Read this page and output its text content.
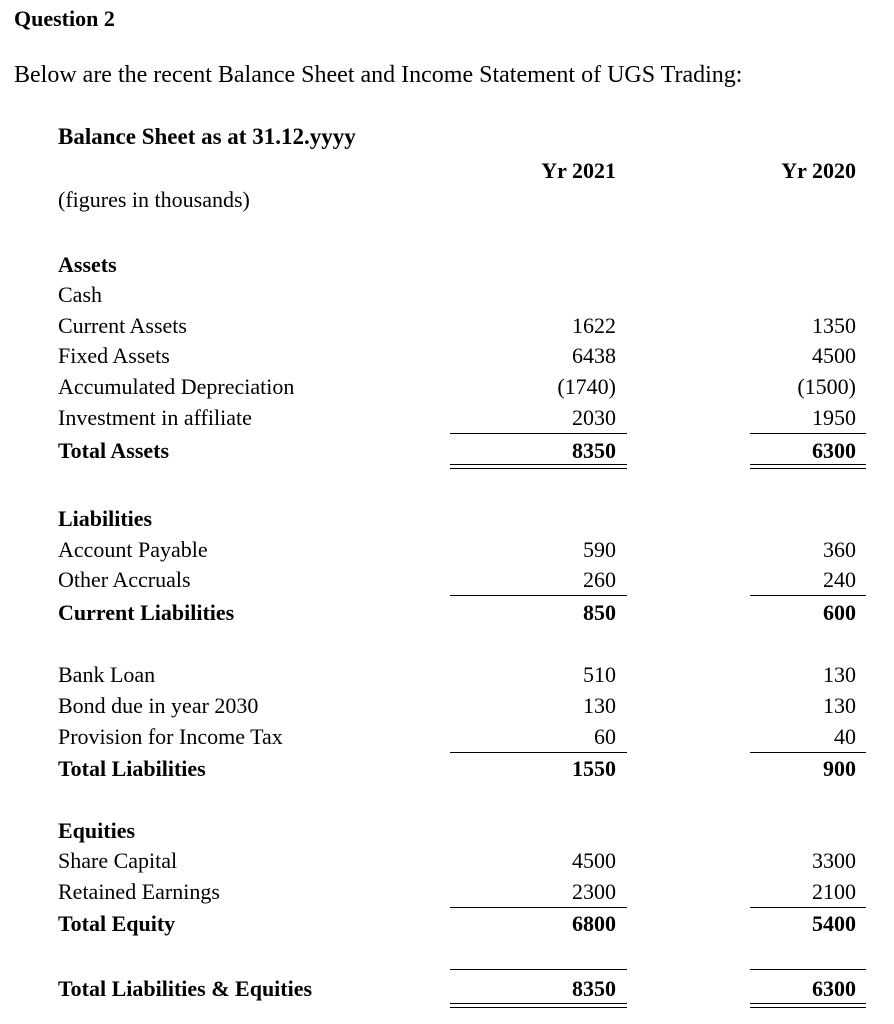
Question 2
Below are the recent Balance Sheet and Income Statement of UGS Trading:
Balance Sheet as at 31.12.yyyy
Yr 2021	Yr 2020
(figures in thousands)
Assets
Cash
Current Assets	1622	1350
Fixed Assets	6438	4500
Accumulated Depreciation	(1740)	(1500)
Investment in affiliate	2030	1950
Total Assets	8350	6300
Liabilities
Account Payable	590	360
Other Accruals	260	240
Current Liabilities	850	600
Bank Loan	510	130
Bond due in year 2030	130	130
Provision for Income Tax	60	40
Total Liabilities	1550	900
Equities
Share Capital	4500	3300
Retained Earnings	2300	2100
Total Equity	6800	5400
Total Liabilities & Equities	8350	6300
